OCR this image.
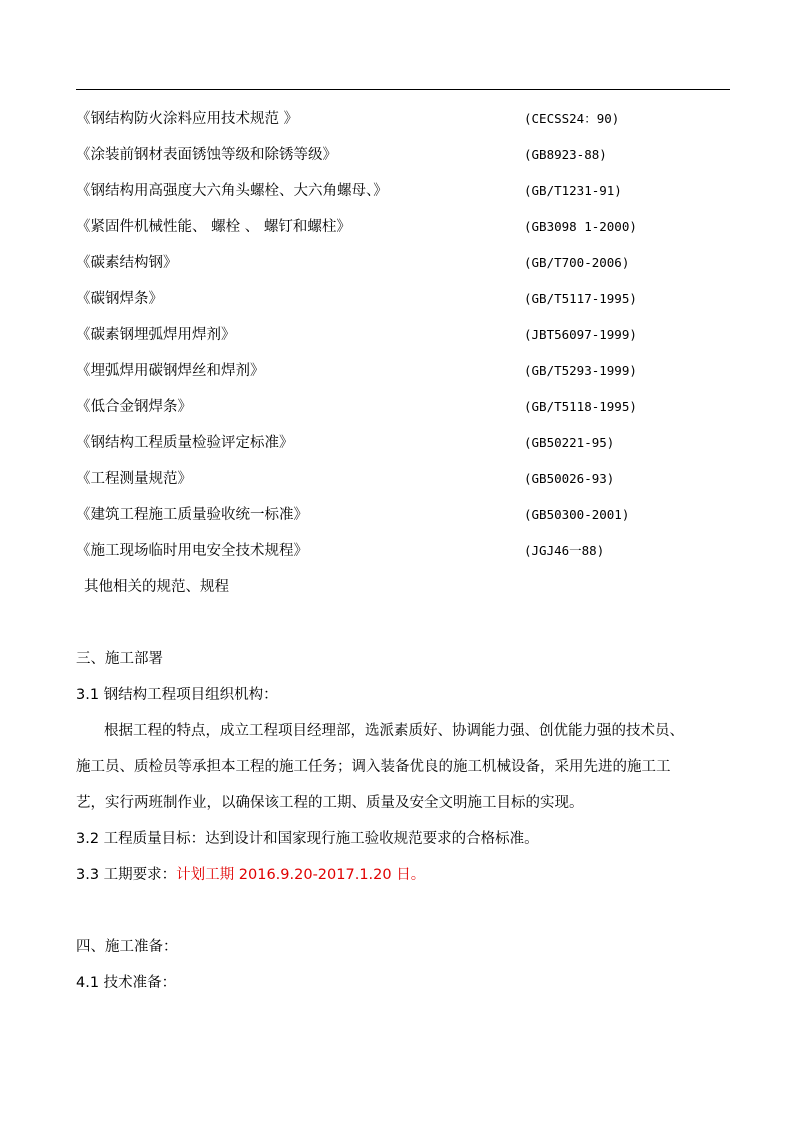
《钢结构防火涂料应用技术规范 》	(CECSS24：90)
《涂装前钢材表面锈蚀等级和除锈等级》	(GB8923-88)
《钢结构用高强度大六角头螺栓、大六角螺母、》	(GB/T1231-91)
《紧固件机械性能、 螺栓 、 螺钉和螺柱》	(GB3098 1-2000)
《碳素结构钢》	(GB/T700-2006)
《碳钢焊条》	(GB/T5117-1995)
《碳素钢埋弧焊用焊剂》	(JBT56097-1999)
《埋弧焊用碳钢焊丝和焊剂》	(GB/T5293-1999)
《低合金钢焊条》	(GB/T5118-1995)
《钢结构工程质量检验评定标准》	(GB50221-95)
《工程测量规范》	(GB50026-93)
《建筑工程施工质量验收统一标准》	(GB50300-2001)
《施工现场临时用电安全技术规程》	(JGJ46一88)
其他相关的规范、规程
三、施工部署
3.1 钢结构工程项目组织机构：
根据工程的特点，成立工程项目经理部，选派素质好、协调能力强、创优能力强的技术员、
施工员、质检员等承担本工程的施工任务；调入装备优良的施工机械设备，采用先进的施工工
艺，实行两班制作业，以确保该工程的工期、质量及安全文明施工目标的实现。
3.2 工程质量目标：达到设计和国家现行施工验收规范要求的合格标准。
3.3 工期要求：计划工期 2016.9.20-2017.1.20 日。
四、施工准备：
4.1 技术准备：
